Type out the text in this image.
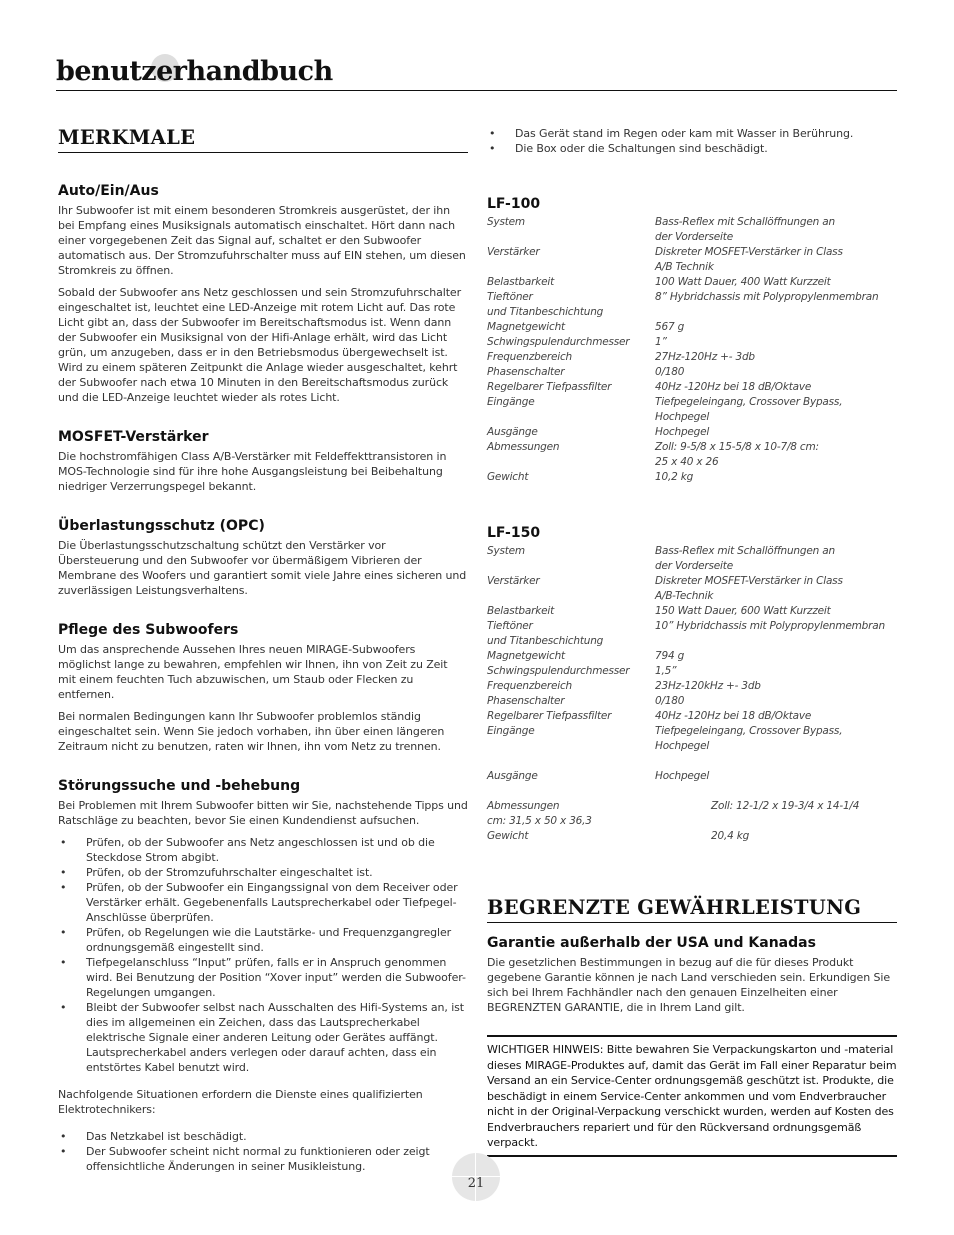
benutzerhandbuch
MERKMALE
Auto/Ein/Aus

Ihr Subwoofer ist mit einem besonderen Stromkreis ausgerüstet, der ihn bei Empfang eines Musiksignals automatisch einschaltet. Hört dann nach einer vorgegebenen Zeit das Signal auf, schaltet er den Subwoofer automatisch aus. Der Stromzufuhrschalter muss auf EIN stehen, um diesen Stromkreis zu öffnen.

Sobald der Subwoofer ans Netz geschlossen und sein Stromzufuhrschalter eingeschaltet ist, leuchtet eine LED-Anzeige mit rotem Licht auf. Das rote Licht gibt an, dass der Subwoofer im Bereitschaftsmodus ist. Wenn dann der Subwoofer ein Musiksignal von der Hifi-Anlage erhält, wird das Licht grün, um anzugeben, dass er in den Betriebsmodus übergewechselt ist. Wird zu einem späteren Zeitpunkt die Anlage wieder ausgeschaltet, kehrt der Subwoofer nach etwa 10 Minuten in den Bereitschaftsmodus zurück und die LED-Anzeige leuchtet wieder als rotes Licht.

MOSFET-Verstärker

Die hochstromfähigen Class A/B-Verstärker mit Feldeffekttransistoren in MOS-Technologie sind für ihre hohe Ausgangsleistung bei Beibehaltung niedriger Verzerrungspegel bekannt.

Überlastungsschutz (OPC)

Die Überlastungsschutzschaltung schützt den Verstärker vor Übersteuerung und den Subwoofer vor übermäßigem Vibrieren der Membrane des Woofers und garantiert somit viele Jahre eines sicheren und zuverlässigen Leistungsverhaltens.

Pflege des Subwoofers

Um das ansprechende Aussehen Ihres neuen MIRAGE-Subwoofers möglichst lange zu bewahren, empfehlen wir Ihnen, ihn von Zeit zu Zeit mit einem feuchten Tuch abzuwischen, um Staub oder Flecken zu entfernen.

Bei normalen Bedingungen kann Ihr Subwoofer problemlos ständig eingeschaltet sein. Wenn Sie jedoch vorhaben, ihn über einen längeren Zeitraum nicht zu benutzen, raten wir Ihnen, ihn vom Netz zu trennen.

Störungssuche und -behebung

Bei Problemen mit Ihrem Subwoofer bitten wir Sie, nachstehende Tipps und Ratschläge zu beachten, bevor Sie einen Kundendienst aufsuchen.

• Prüfen, ob der Subwoofer ans Netz angeschlossen ist und ob die Steckdose Strom abgibt.
• Prüfen, ob der Stromzufuhrschalter eingeschaltet ist.
• Prüfen, ob der Subwoofer ein Eingangssignal von dem Receiver oder Verstärker erhält. Gegebenenfalls Lautsprecherkabel oder Tiefpegel-Anschlüsse überprüfen.
• Prüfen, ob Regelungen wie die Lautstärke- und Frequenzgangregler ordnungsgemäß eingestellt sind.
• Tiefpegelanschluss “Input” prüfen, falls er in Anspruch genommen wird. Bei Benutzung der Position “Xover input” werden die Subwoofer-Regelungen umgangen.
• Bleibt der Subwoofer selbst nach Ausschalten des Hifi-Systems an, ist dies im allgemeinen ein Zeichen, dass das Lautsprecherkabel elektrische Signale einer anderen Leitung oder Gerätes auffängt. Lautsprecherkabel anders verlegen oder darauf achten, dass ein entstörtes Kabel benutzt wird.

Nachfolgende Situationen erfordern die Dienste eines qualifizierten Elektrotechnikers:

• Das Netzkabel ist beschädigt.
• Der Subwoofer scheint nicht normal zu funktionieren oder zeigt offensichtliche Änderungen in seiner Musikleistung.
• Das Gerät stand im Regen oder kam mit Wasser in Berührung.
• Die Box oder die Schaltungen sind beschädigt.
LF-100
System	Bass-Reflex mit Schallöffnungen an
der Vorderseite
Verstärker	Diskreter MOSFET-Verstärker in Class
A/B Technik
Belastbarkeit	100 Watt Dauer, 400 Watt Kurzzeit
Tieftöner	8” Hybridchassis mit Polypropylenmembran
und Titanbeschichtung
Magnetgewicht	567 g
Schwingspulendurchmesser	1”
Frequenzbereich	27Hz-120Hz +- 3db
Phasenschalter	0/180
Regelbarer Tiefpassfilter	40Hz -120Hz bei 18 dB/Oktave
Eingänge	Tiefpegeleingang, Crossover Bypass,
Hochpegel
Ausgänge	Hochpegel
Abmessungen	Zoll: 9-5/8 x 15-5/8 x 10-7/8 cm:
25 x 40 x 26
Gewicht	10,2 kg
LF-150
System	Bass-Reflex mit Schallöffnungen an
der Vorderseite
Verstärker	Diskreter MOSFET-Verstärker in Class
A/B-Technik
Belastbarkeit	150 Watt Dauer, 600 Watt Kurzzeit
Tieftöner	10” Hybridchassis mit Polypropylenmembran
und Titanbeschichtung
Magnetgewicht	794 g
Schwingspulendurchmesser	1,5”
Frequenzbereich	23Hz-120kHz +- 3db
Phasenschalter	0/180
Regelbarer Tiefpassfilter	40Hz -120Hz bei 18 dB/Oktave
Eingänge	Tiefpegeleingang, Crossover Bypass, Hochpegel
Ausgänge	Hochpegel
Abmessungen	Zoll: 12-1/2 x 19-3/4 x 14-1/4
cm: 31,5 x 50 x 36,3
Gewicht	20,4 kg
BEGRENZTE GEWÄHRLEISTUNG
Garantie außerhalb der USA und Kanadas

Die gesetzlichen Bestimmungen in bezug auf die für dieses Produkt gegebene Garantie können je nach Land verschieden sein. Erkundigen Sie sich bei Ihrem Fachhändler nach den genauen Einzelheiten einer BEGRENZTEN GARANTIE, die in Ihrem Land gilt.

WICHTIGER HINWEIS: Bitte bewahren Sie Verpackungskarton und -material dieses MIRAGE-Produktes auf, damit das Gerät im Fall einer Reparatur beim Versand an ein Service-Center ordnungsgemäß geschützt ist. Produkte, die beschädigt in einem Service-Center ankommen und vom Endverbraucher nicht in der Original-Verpackung verschickt wurden, werden auf Kosten des Endverbrauchers repariert und für den Rückversand ordnungsgemäß verpackt.

21
